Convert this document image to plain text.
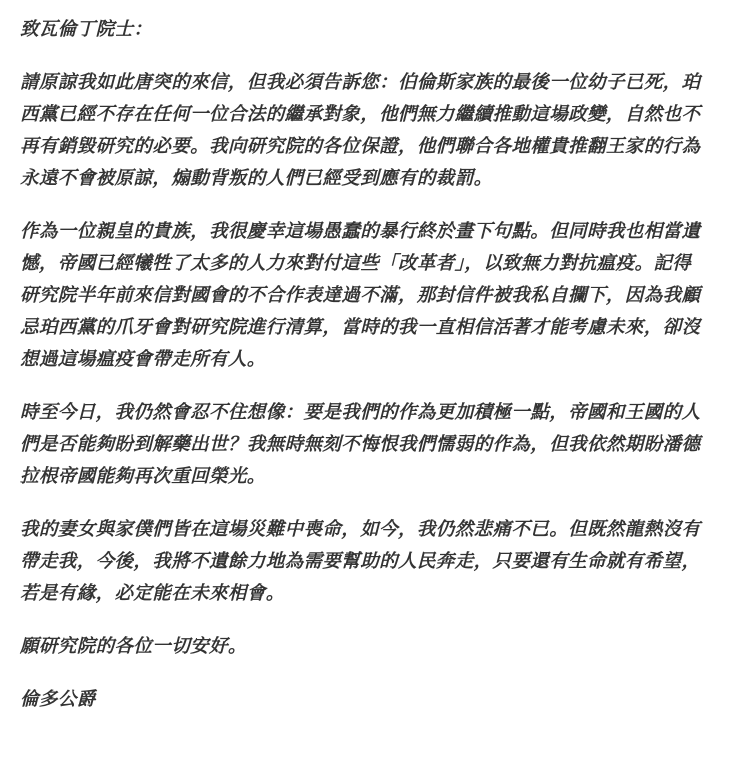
致瓦倫丁院士：

請原諒我如此唐突的來信，但我必須告訴您：伯倫斯家族的最後一位幼子已死，珀西黨已經不存在任何一位合法的繼承對象，他們無力繼續推動這場政變，自然也不再有銷毀研究的必要。我向研究院的各位保證，他們聯合各地權貴推翻王家的行為永遠不會被原諒，煽動背叛的人們已經受到應有的裁罰。

作為一位親皇的貴族，我很慶幸這場愚蠢的暴行終於畫下句點。但同時我也相當遺憾，帝國已經犧牲了太多的人力來對付這些「改革者」，以致無力對抗瘟疫。記得研究院半年前來信對國會的不合作表達過不滿，那封信件被我私自攔下，因為我顧忌珀西黨的爪牙會對研究院進行清算，當時的我一直相信活著才能考慮未來，卻沒想過這場瘟疫會帶走所有人。

時至今日，我仍然會忍不住想像：要是我們的作為更加積極一點，帝國和王國的人們是否能夠盼到解藥出世？我無時無刻不悔恨我們懦弱的作為，但我依然期盼潘德拉根帝國能夠再次重回榮光。

我的妻女與家僕們皆在這場災難中喪命，如今，我仍然悲痛不已。但既然龍熱沒有帶走我，今後，我將不遺餘力地為需要幫助的人民奔走，只要還有生命就有希望，若是有緣，必定能在未來相會。

願研究院的各位一切安好。

倫多公爵
